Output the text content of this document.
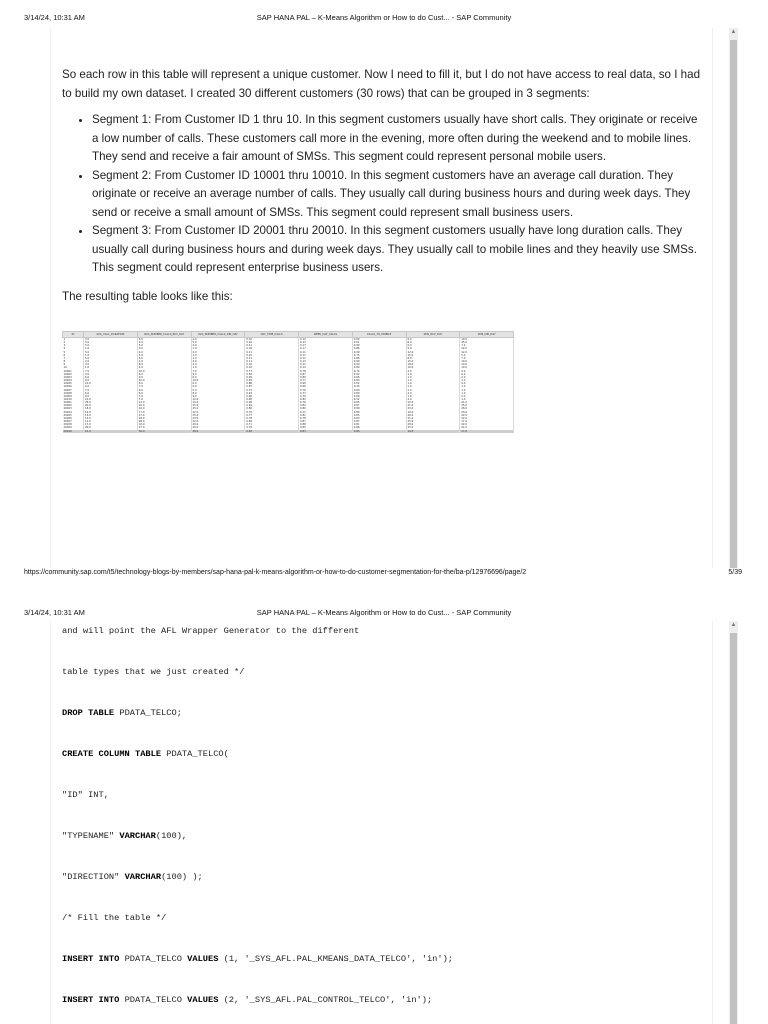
3/14/24, 10:31 AM	SAP HANA PAL – K-Means Algorithm or How to do Cust... - SAP Community
▲

So each row in this table will represent a unique customer. Now I need to fill it, but I do not have access to real data, so I had to build my own dataset. I created 30 different customers (30 rows) that can be grouped in 3 segments:

• Segment 1: From Customer ID 1 thru 10. In this segment customers usually have short calls. They originate or receive a low number of calls. These customers call more in the evening, more often during the weekend and to mobile lines. They send and receive a fair amount of SMSs. This segment could represent personal mobile users.
• Segment 2: From Customer ID 10001 thru 10010. In this segment customers have an average call duration. They originate or receive an average number of calls. They usually call during business hours and during week days. They send or receive a small amount of SMSs. This segment could represent small business users.
• Segment 3: From Customer ID 20001 thru 20010. In this segment customers usually have long duration calls. They usually call during business hours and during week days. They usually call to mobile lines and they heavily use SMSs. This segment could represent enterprise business users.
The resulting table looks like this:
ID	AVG_CALL_DURATION	AVG_NUMBER_CALLS_RCV_DAY	AVG_NUMBER_CALLS_ORI_DAY	DAY_TIME_CALLS	WEEK_DAY_CALLS	CALLS_TO_MOBILE	SMS_RCV_DAY	SMS_ORI_DAY
1	3.0	5.0	4.0	0.10	0.12	0.00	6.0	10.0
2	3.0	2.0	5.0	0.16	0.13	0.01	6.0	45.0
3	5.0	5.0	4.0	0.11	0.17	0.99	6.0	7.0
4	1.0	9.0	1.0	0.18	0.17	0.86	5.0	22.0
5	5.0	4.0	2.0	0.11	0.11	0.99	12.0	12.0
6	1.0	4.0	1.0	0.10	0.11	0.75	15.0	5.0
7	5.0	5.0	1.0	0.11	0.11	0.88	6.0	7.0
8	2.0	1.0	4.0	0.11	0.13	0.90	15.0	10.0
9	3.0	8.0	2.0	0.10	0.11	0.90	18.0	10.0
10	1.0	2.0	1.0	0.10	0.12	0.80	10.0	10.0
10001	7.0	10.0	7.0	0.77	0.78	0.74	4.0	4.0
10002	9.0	6.0	9.0	0.82	0.87	0.92	1.0	6.0
10003	6.0	9.0	6.0	0.99	0.80	0.66	1.0	2.0
10004	6.0	10.0	10.0	0.83	0.77	0.83	1.0	1.0
10005	10.0	8.0	6.0	0.88	0.99	0.52	1.0	4.0
10006	6.0	7.0	9.0	0.87	0.96	0.45	1.0	1.0
10007	7.0	6.0	5.0	0.75	0.76	0.60	1.5	1.0
10008	6.0	6.0	8.0	0.93	0.77	0.80	4.0	1.0
10009	6.0	7.0	9.0	0.90	0.79	0.60	1.0	2.0
10010	10.0	7.0	10.0	0.90	0.82	0.52	4.0	1.0
20001	26.0	13.0	10.0	0.99	0.78	0.85	22.0	21.0
20002	20.0	20.0	25.0	0.92	0.82	0.87	21.0	25.0
20003	18.0	10.0	25.0	0.80	0.80	0.89	23.0	28.0
20004	19.0	17.0	22.0	0.76	0.71	0.89	19.0	23.0
20005	13.0	27.0	25.0	0.77	0.81	0.85	20.0	22.0
20006	13.0	18.0	23.0	0.78	0.78	0.83	21.0	22.0
20007	11.0	28.0	22.0	0.89	0.87	0.87	25.0	17.0
20008	17.0	10.0	29.0	0.71	0.88	0.81	28.0	22.0
20009	20.0	27.0	29.0	0.78	0.85	0.86	25.0	21.0
20010	12.0	30.0	29.0	0.80	0.83	0.85	19.0	27.0
https://community.sap.com/t5/technology-blogs-by-members/sap-hana-pal-k-means-algorithm-or-how-to-do-customer-segmentation-for-the/ba-p/12976696/page/2	5/39
3/14/24, 10:31 AM	SAP HANA PAL – K-Means Algorithm or How to do Cust... - SAP Community
▲
and will point the AFL Wrapper Generator to the different
table types that we just created */
DROP TABLE PDATA_TELCO;
CREATE COLUMN TABLE PDATA_TELCO(
"ID" INT,
"TYPENAME" VARCHAR(100),
"DIRECTION" VARCHAR(100) );
/* Fill the table */
INSERT INTO PDATA_TELCO VALUES (1, '_SYS_AFL.PAL_KMEANS_DATA_TELCO', 'in');
INSERT INTO PDATA_TELCO VALUES (2, '_SYS_AFL.PAL_CONTROL_TELCO', 'in');
